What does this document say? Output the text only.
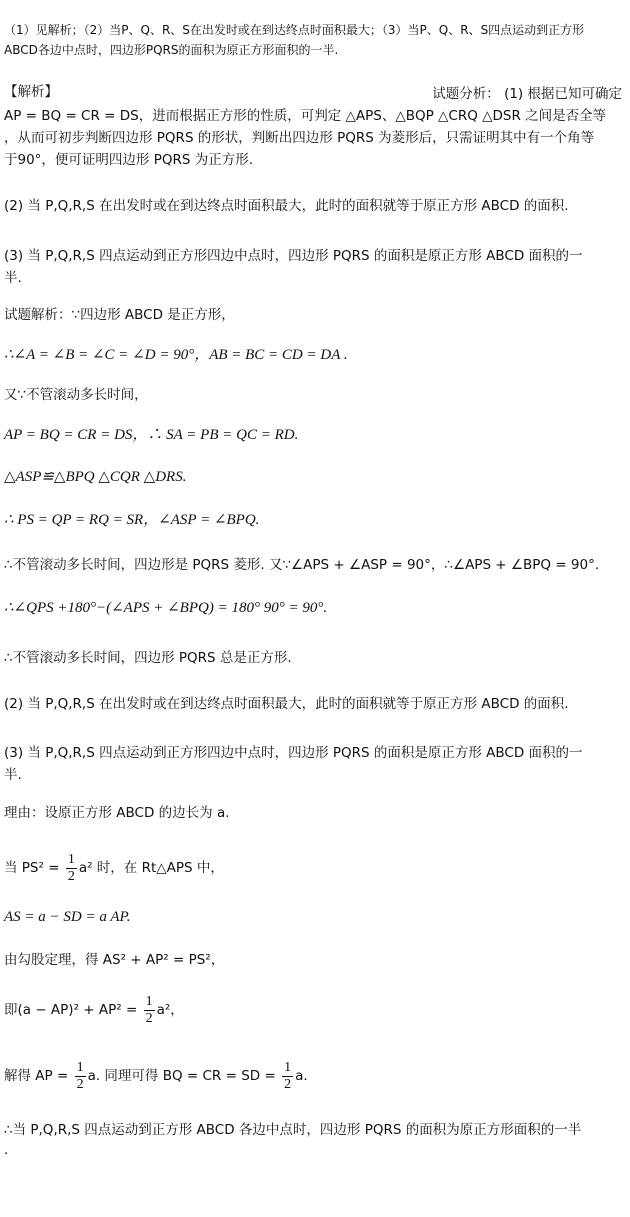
（1）见解析；（2）当P、Q、R、S在出发时或在到达终点时面积最大；（3）当P、Q、R、S四点运动到正方形
ABCD各边中点时，四边形PQRS的面积为原正方形面积的一半.
【解析】	试题分析： (1) 根据已知可确定
AP = BQ = CR = DS，进而根据正方形的性质，可判定 △APS、△BQP △CRQ △DSR 之间是否全等
，从而可初步判断四边形 PQRS 的形状，判断出四边形 PQRS 为菱形后，只需证明其中有一个角等
于90°，便可证明四边形 PQRS 为正方形.
(2) 当 P,Q,R,S 在出发时或在到达终点时面积最大，此时的面积就等于原正方形 ABCD 的面积.
(3) 当 P,Q,R,S 四点运动到正方形四边中点时，四边形 PQRS 的面积是原正方形 ABCD 面积的一
半.
试题解析：∵四边形 ABCD 是正方形，
∴∠A = ∠B = ∠C = ∠D = 90°，AB = BC = CD = DA .
又∵不管滚动多长时间，
AP = BQ = CR = DS，∴ SA = PB = QC = RD.
△ASP≌△BPQ △CQR △DRS.
∴ PS = QP = RQ = SR，∠ASP = ∠BPQ.
∴不管滚动多长时间，四边形是 PQRS 菱形. 又∵∠APS + ∠ASP = 90°，∴∠APS + ∠BPQ = 90°.
∴∠QPS +180°−(∠APS + ∠BPQ) = 180° 90° = 90°.
∴不管滚动多长时间，四边形 PQRS 总是正方形.
(2) 当 P,Q,R,S 在出发时或在到达终点时面积最大，此时的面积就等于原正方形 ABCD 的面积.
(3) 当 P,Q,R,S 四点运动到正方形四边中点时，四边形 PQRS 的面积是原正方形 ABCD 面积的一
半.
理由：设原正方形 ABCD 的边长为 a.
当 $PS^2 = \frac{1}{2} a^2$ 时，在 Rt△APS 中，
AS = a − SD = a AP.
由勾股定理，得 AS² + AP² = PS²，
即$(a - AP)^2 + AP^2 = \frac{1}{2} a^2$，
解得 AP = $\frac{1}{2} a$. 同理可得 BQ = CR = SD = $\frac{1}{2} a$.
∴当 P,Q,R,S 四点运动到正方形 ABCD 各边中点时，四边形 PQRS 的面积为原正方形面积的一半
.
